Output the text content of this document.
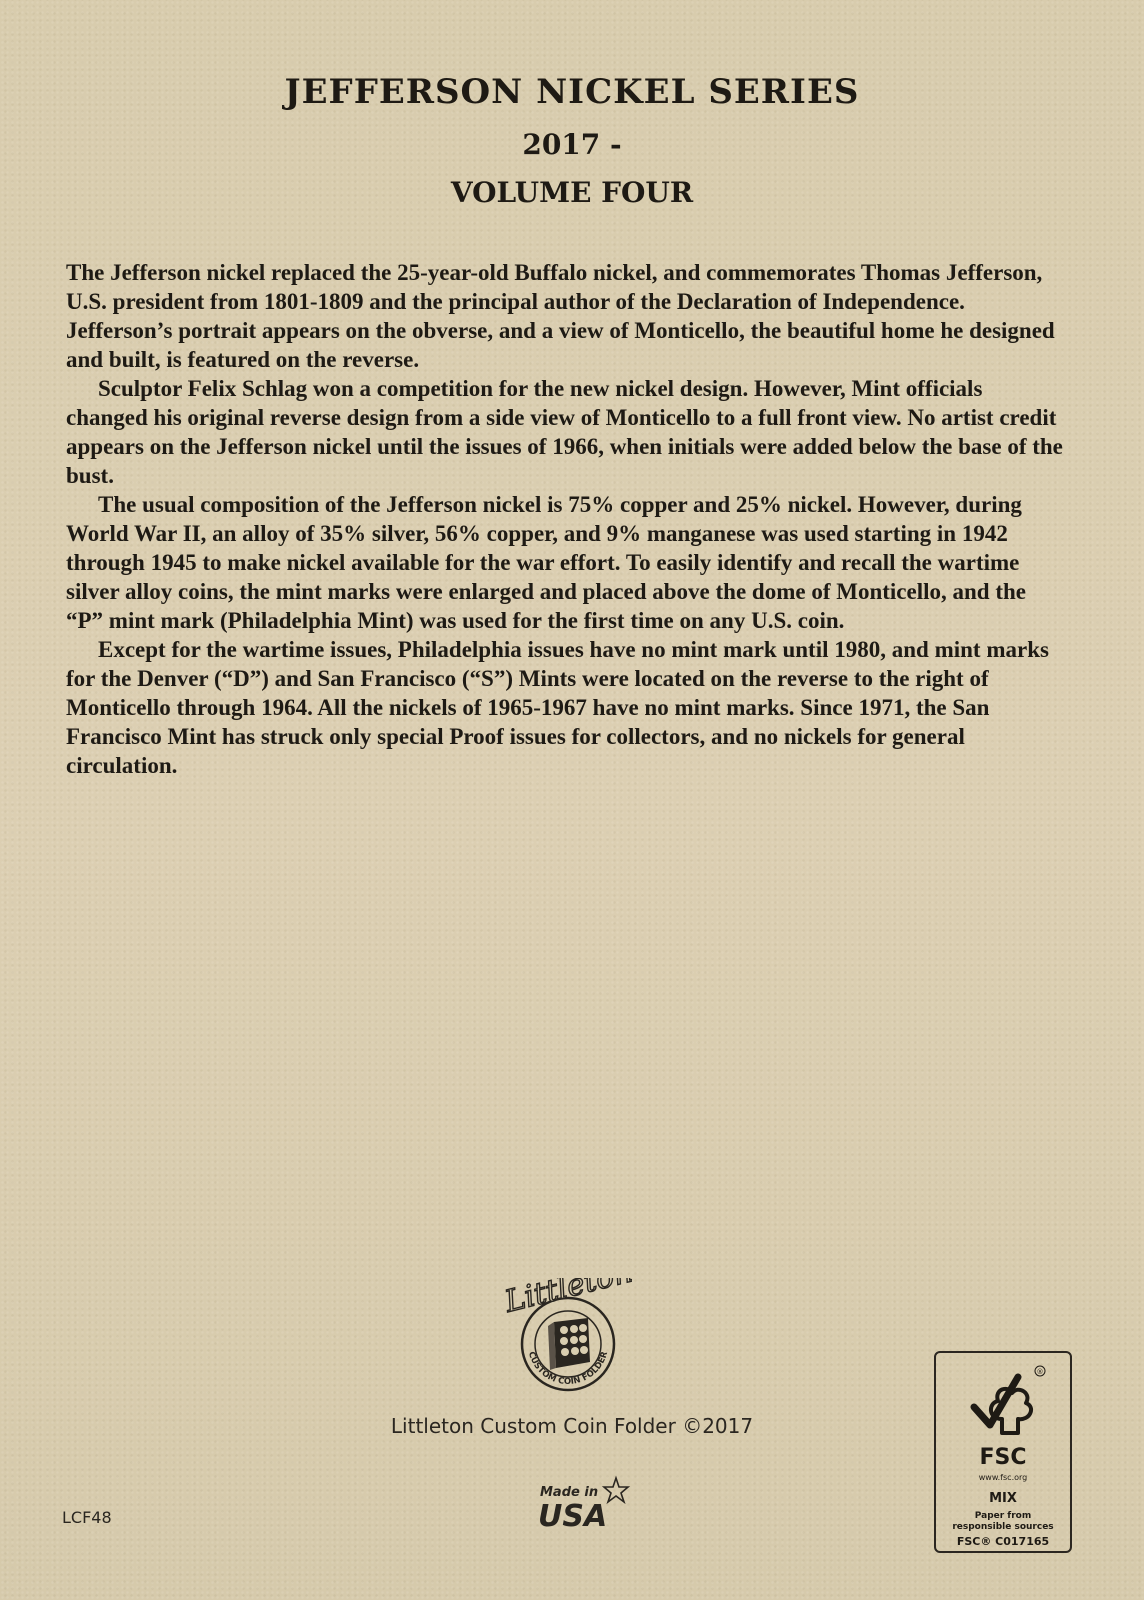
JEFFERSON NICKEL SERIES
2017 -
VOLUME FOUR

The Jefferson nickel replaced the 25-year-old Buffalo nickel, and commemorates Thomas Jefferson, U.S. president from 1801-1809 and the principal author of the Declaration of Independence. Jefferson’s portrait appears on the obverse, and a view of Monticello, the beautiful home he designed and built, is featured on the reverse.

Sculptor Felix Schlag won a competition for the new nickel design. However, Mint officials changed his original reverse design from a side view of Monticello to a full front view. No artist credit appears on the Jefferson nickel until the issues of 1966, when initials were added below the base of the bust.

The usual composition of the Jefferson nickel is 75% copper and 25% nickel. However, during World War II, an alloy of 35% silver, 56% copper, and 9% manganese was used starting in 1942 through 1945 to make nickel available for the war effort. To easily identify and recall the wartime silver alloy coins, the mint marks were enlarged and placed above the dome of Monticello, and the “P” mint mark (Philadelphia Mint) was used for the first time on any U.S. coin.

Except for the wartime issues, Philadelphia issues have no mint mark until 1980, and mint marks for the Denver (“D”) and San Francisco (“S”) Mints were located on the reverse to the right of Monticello through 1964. All the nickels of 1965-1967 have no mint marks. Since 1971, the San Francisco Mint has struck only special Proof issues for collectors, and no nickels for general circulation.

Littleton
CUSTOM COIN FOLDER
Littleton Custom Coin Folder ©2017
Made in
USA
LCF48
®
FSC
www.fsc.org
MIX
Paper from
responsible sources
FSC® C017165
